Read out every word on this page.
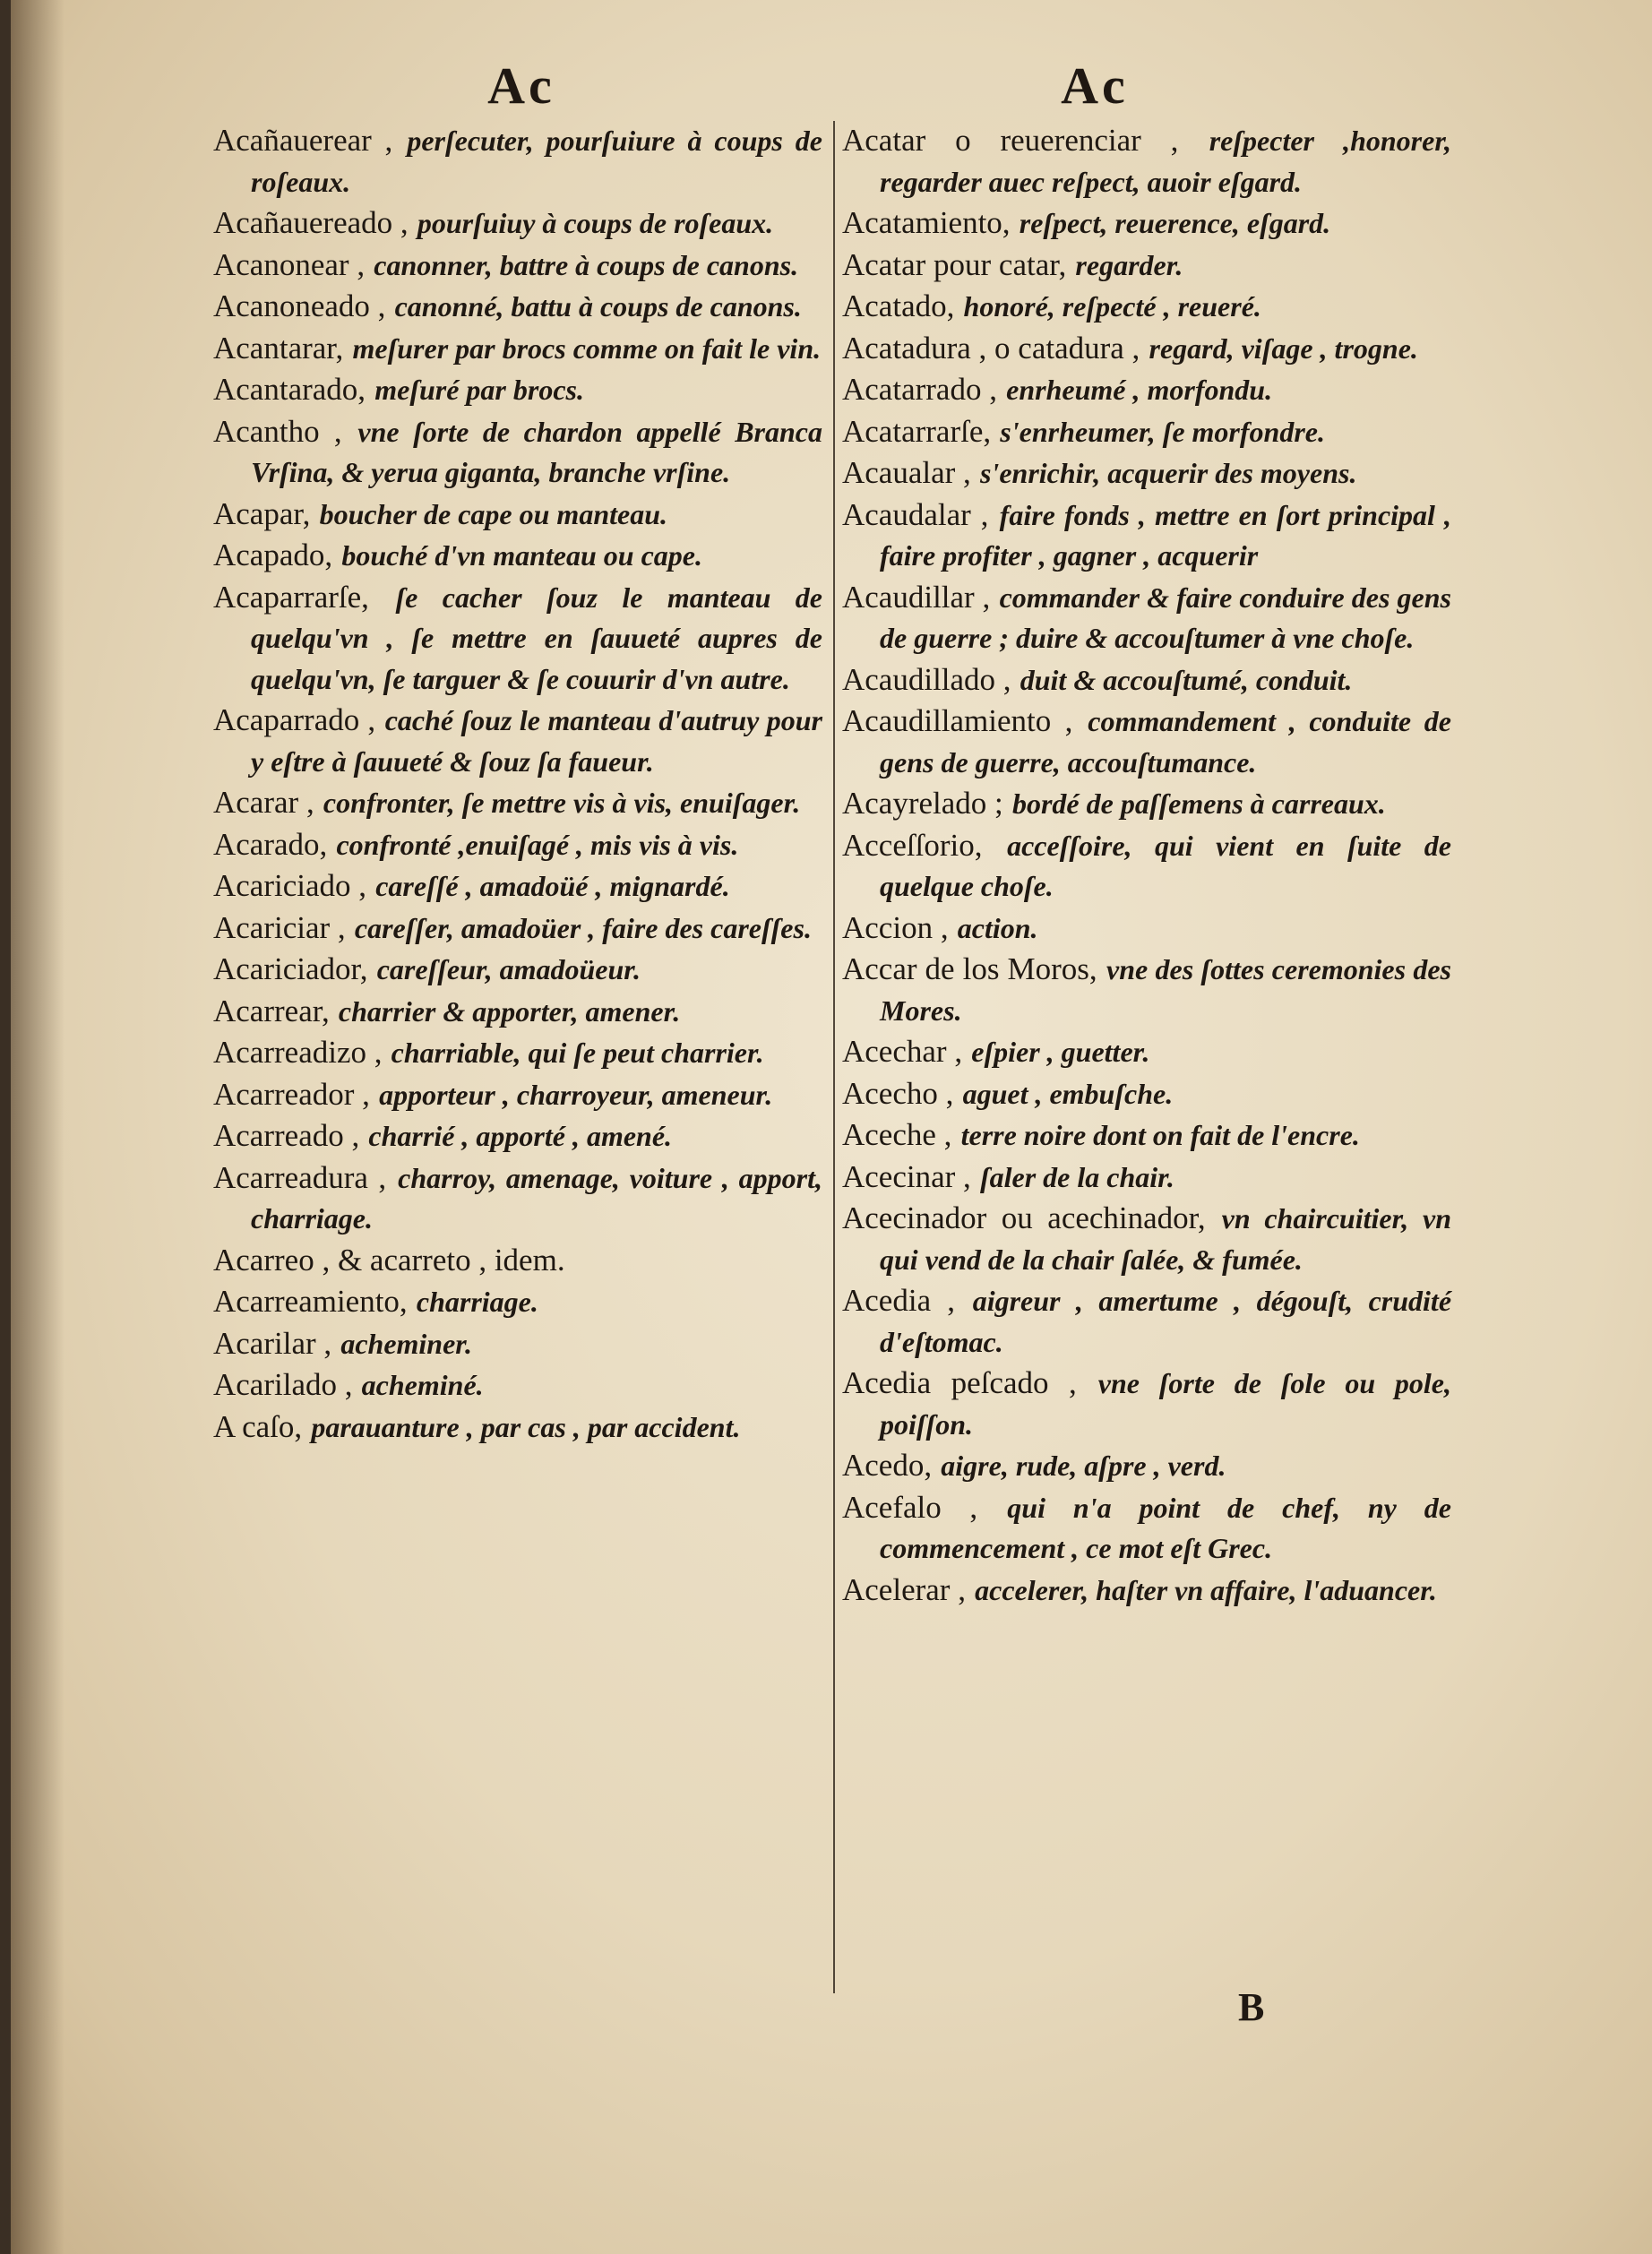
Ac	Ac

Acañauerear , perſecuter, pourſuiure à coups de roſeaux.

Acañauereado , pourſuiuy à coups de roſeaux.

Acanonear , canonner, battre à coups de canons.

Acanoneado , canonné, battu à coups de canons.

Acantarar, meſurer par brocs comme on fait le vin.

Acantarado, meſuré par brocs.

Acantho , vne ſorte de chardon appellé Branca Vrſina, & yerua giganta, branche vrſine.

Acapar, boucher de cape ou manteau.

Acapado, bouché d'vn manteau ou cape.

Acaparrarſe, ſe cacher ſouz le manteau de quelqu'vn , ſe mettre en ſauueté aupres de quelqu'vn, ſe targuer & ſe couurir d'vn autre.

Acaparrado , caché ſouz le manteau d'autruy pour y eſtre à ſauueté & ſouz ſa faueur.

Acarar , confronter, ſe mettre vis à vis, enuiſager.

Acarado, confronté ,enuiſagé , mis vis à vis.

Acariciado , careſſé , amadoüé , mignardé.

Acariciar , careſſer, amadoüer , faire des careſſes.

Acariciador, careſſeur, amadoüeur.

Acarrear, charrier & apporter, amener.

Acarreadizo , charriable, qui ſe peut charrier.

Acarreador , apporteur , charroyeur, ameneur.

Acarreado , charrié , apporté , amené.

Acarreadura , charroy, amenage, voiture , apport, charriage.

Acarreo , & acarreto , idem.

Acarreamiento, charriage.

Acarilar , acheminer.

Acarilado , acheminé.

A caſo, parauanture , par cas , par accident.

Acatar o reuerenciar , reſpecter ,honorer, regarder auec reſpect, auoir eſgard.

Acatamiento, reſpect, reuerence, eſgard.

Acatar pour catar, regarder.

Acatado, honoré, reſpecté , reueré.

Acatadura , o catadura , regard, viſage , trogne.

Acatarrado , enrheumé , morfondu.

Acatarrarſe, s'enrheumer, ſe morfondre.

Acaualar , s'enrichir, acquerir des moyens.

Acaudalar , faire fonds , mettre en ſort principal , faire profiter , gagner , acquerir

Acaudillar , commander & faire conduire des gens de guerre ; duire & accouſtumer à vne choſe.

Acaudillado , duit & accouſtumé, conduit.

Acaudillamiento , commandement , conduite de gens de guerre, accouſtumance.

Acayrelado ; bordé de paſſemens à carreaux.

Acceſſorio, acceſſoire, qui vient en ſuite de quelque choſe.

Accion , action.

Accar de los Moros, vne des ſottes ceremonies des Mores.

Acechar , eſpier , guetter.

Acecho , aguet , embuſche.

Aceche , terre noire dont on fait de l'encre.

Acecinar , ſaler de la chair.

Acecinador ou acechinador, vn chaircuitier, vn qui vend de la chair ſalée, & fumée.

Acedia , aigreur , amertume , dégouſt, crudité d'eſtomac.

Acedia peſcado , vne ſorte de ſole ou pole, poiſſon.

Acedo, aigre, rude, aſpre , verd.

Acefalo , qui n'a point de chef, ny de commencement , ce mot eſt Grec.

Acelerar , accelerer, haſter vn affaire, l'aduancer.

B
